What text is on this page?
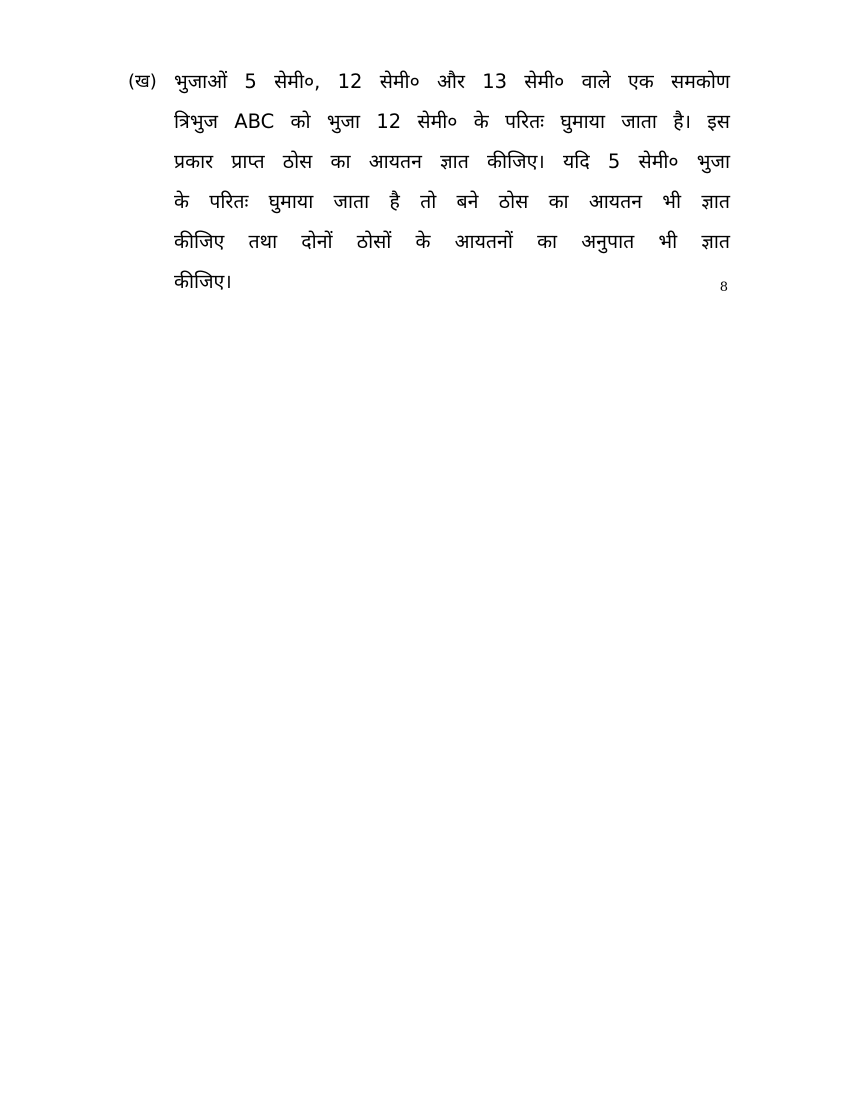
(ख) भुजाओं 5 सेमी०, 12 सेमी० और 13 सेमी० वाले एक समकोण
त्रिभुज ABC को भुजा 12 सेमी० के परितः घुमाया जाता है। इस
प्रकार प्राप्त ठोस का आयतन ज्ञात कीजिए। यदि 5 सेमी० भुजा
के परितः घुमाया जाता है तो बने ठोस का आयतन भी ज्ञात
कीजिए तथा दोनों ठोसों के आयतनों का अनुपात भी ज्ञात
कीजिए।	8
